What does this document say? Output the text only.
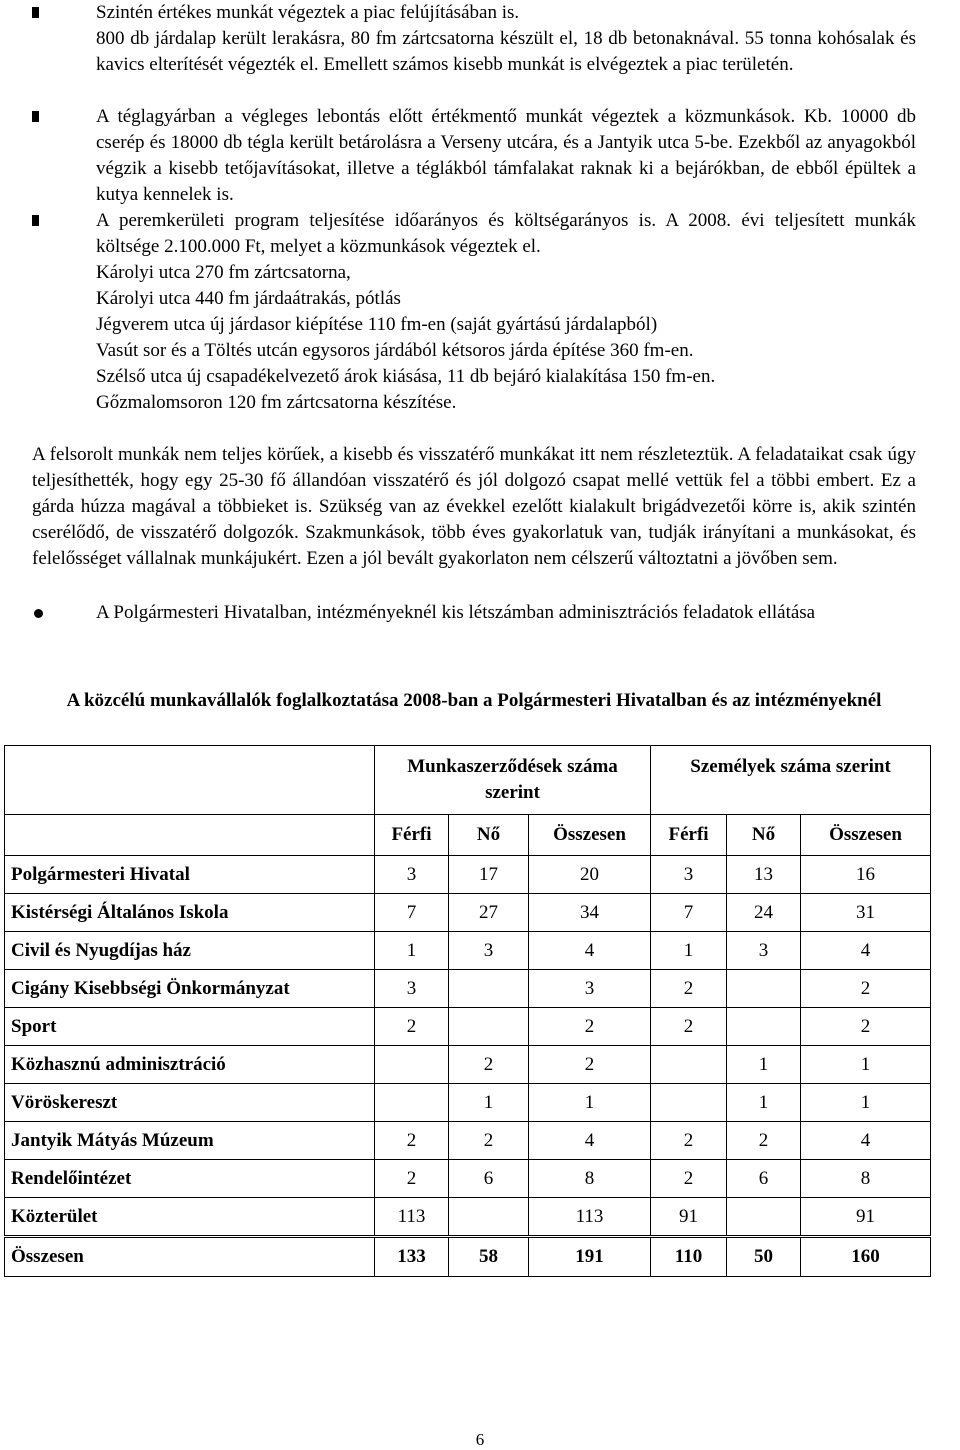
Szintén értékes munkát végeztek a piac felújításában is.
800 db járdalap került lerakásra, 80 fm zártcsatorna készült el, 18 db betonaknával. 55 tonna kohósalak és kavics elterítését végezték el. Emellett számos kisebb munkát is elvégeztek a piac területén.
A téglagyárban a végleges lebontás előtt értékmentő munkát végeztek a közmunkások. Kb. 10000 db cserép és 18000 db tégla került betárolásra a Verseny utcára, és a Jantyik utca 5-be. Ezekből az anyagokból végzik a kisebb tetőjavításokat, illetve a téglákból támfalakat raknak ki a bejárókban, de ebből épültek a kutya kennelek is.
A peremkerületi program teljesítése időarányos és költségarányos is. A 2008. évi teljesített munkák költsége 2.100.000 Ft, melyet a közmunkások végeztek el.
Károlyi utca 270 fm zártcsatorna,
Károlyi utca 440 fm járdaátrakás, pótlás
Jégverem utca új járdasor kiépítése 110 fm-en (saját gyártású járdalapból)
Vasút sor és a Töltés utcán egysoros járdából kétsoros járda építése 360 fm-en.
Szélső utca új csapadékelvezető árok kiásása, 11 db bejáró kialakítása 150 fm-en.
Gőzmalomsoron 120 fm zártcsatorna készítése.
A felsorolt munkák nem teljes körűek, a kisebb és visszatérő munkákat itt nem részleteztük. A feladataikat csak úgy teljesíthették, hogy egy 25-30 fő állandóan visszatérő és jól dolgozó csapat mellé vettük fel a többi embert. Ez a gárda húzza magával a többieket is. Szükség van az évekkel ezelőtt kialakult brigádvezetői körre is, akik szintén cserélődő, de visszatérő dolgozók. Szakmunkások, több éves gyakorlatuk van, tudják irányítani a munkásokat, és felelősséget vállalnak munkájukért. Ezen a jól bevált gyakorlaton nem célszerű változtatni a jövőben sem.
A Polgármesteri Hivatalban, intézményeknél kis létszámban adminisztrációs feladatok ellátása
A közcélú munkavállalók foglalkoztatása 2008-ban a Polgármesteri Hivatalban és az intézményeknél
	Munkaszerződések száma szerint			Személyek száma szerint		
	Férfi	Nő	Összesen	Férfi	Nő	Összesen
Polgármesteri Hivatal	3	17	20	3	13	16
Kistérségi Általános Iskola	7	27	34	7	24	31
Civil és Nyugdíjas ház	1	3	4	1	3	4
Cigány Kisebbségi Önkormányzat	3		3	2		2
Sport	2		2	2		2
Közhasznú adminisztráció		2	2		1	1
Vöröskereszt		1	1		1	1
Jantyik Mátyás Múzeum	2	2	4	2	2	4
Rendelőintézet	2	6	8	2	6	8
Közterület	113		113	91		91
Összesen	133	58	191	110	50	160
6
